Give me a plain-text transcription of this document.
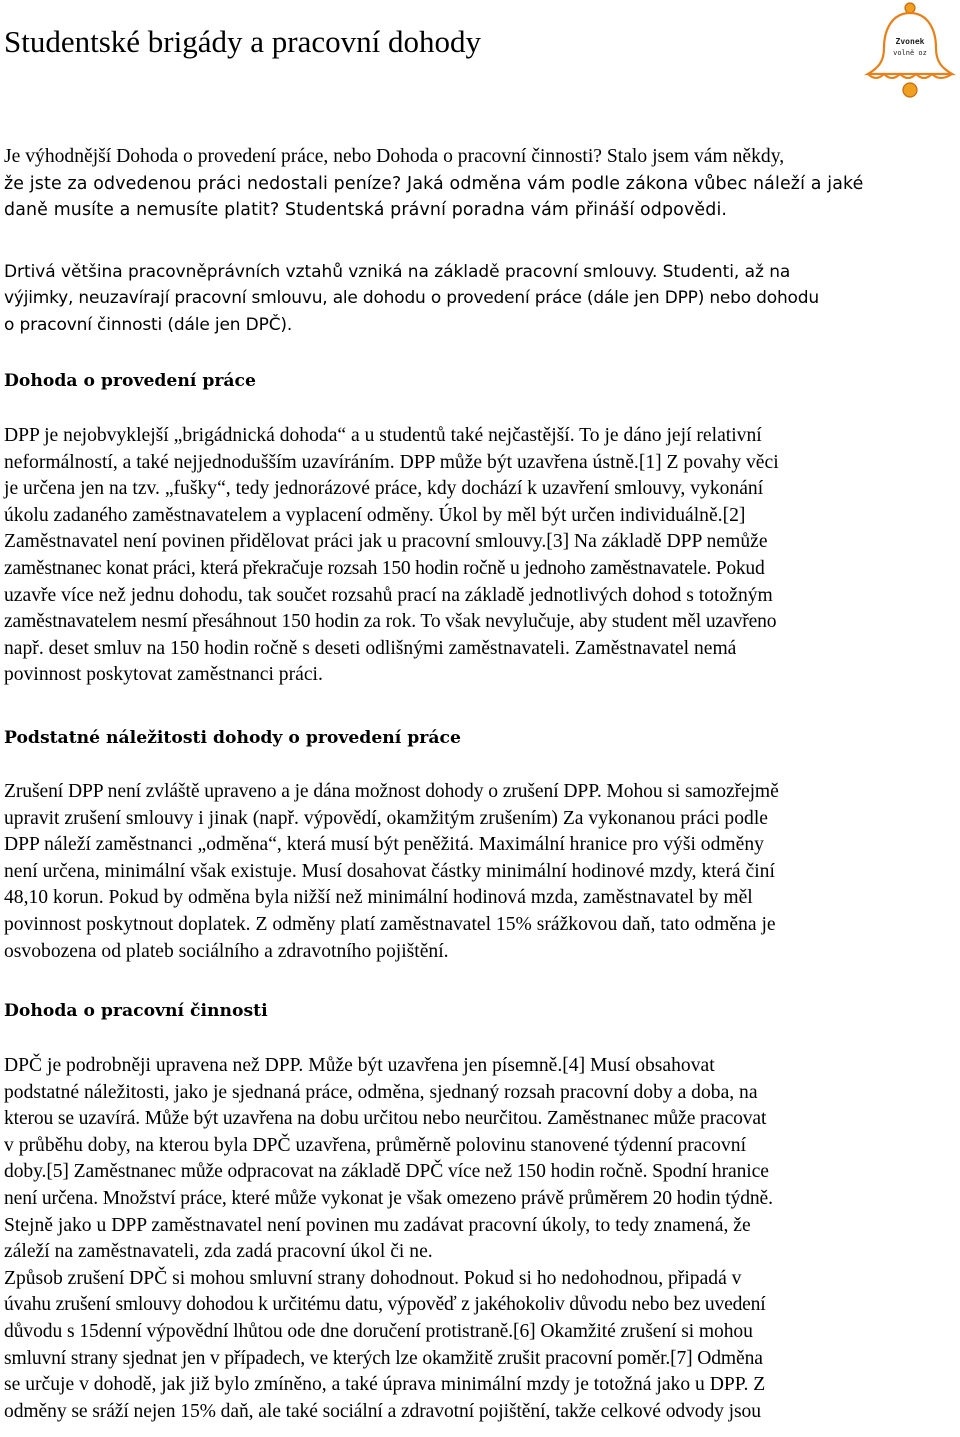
Studentské brigády a pracovní dohody	Zvonek
volně oz
Je výhodnější Dohoda o provedení práce, nebo Dohoda o pracovní činnosti? Stalo jsem vám někdy,
že jste za odvedenou práci nedostali peníze? Jaká odměna vám podle zákona vůbec náleží a jaké
daně musíte a nemusíte platit? Studentská právní poradna vám přináší odpovědi.
Drtivá většina pracovněprávních vztahů vzniká na základě pracovní smlouvy. Studenti, až na
výjimky, neuzavírají pracovní smlouvu, ale dohodu o provedení práce (dále jen DPP) nebo dohodu
o pracovní činnosti (dále jen DPČ).
Dohoda o provedení práce
DPP je nejobvyklejší „brigádnická dohoda“ a u studentů také nejčastější. To je dáno její relativní
neformálností, a také nejjednodušším uzavíráním. DPP může být uzavřena ústně.[1] Z povahy věci
je určena jen na tzv. „fušky“, tedy jednorázové práce, kdy dochází k uzavření smlouvy, vykonání
úkolu zadaného zaměstnavatelem a vyplacení odměny. Úkol by měl být určen individuálně.[2]
Zaměstnavatel není povinen přidělovat práci jak u pracovní smlouvy.[3] Na základě DPP nemůže
zaměstnanec konat práci, která překračuje rozsah 150 hodin ročně u jednoho zaměstnavatele. Pokud
uzavře více než jednu dohodu, tak součet rozsahů prací na základě jednotlivých dohod s totožným
zaměstnavatelem nesmí přesáhnout 150 hodin za rok. To však nevylučuje, aby student měl uzavřeno
např. deset smluv na 150 hodin ročně s deseti odlišnými zaměstnavateli. Zaměstnavatel nemá
povinnost poskytovat zaměstnanci práci.
Podstatné náležitosti dohody o provedení práce
Zrušení DPP není zvláště upraveno a je dána možnost dohody o zrušení DPP. Mohou si samozřejmě
upravit zrušení smlouvy i jinak (např. výpovědí, okamžitým zrušením) Za vykonanou práci podle
DPP náleží zaměstnanci „odměna“, která musí být peněžitá. Maximální hranice pro výši odměny
není určena, minimální však existuje. Musí dosahovat částky minimální hodinové mzdy, která činí
48,10 korun. Pokud by odměna byla nižší než minimální hodinová mzda, zaměstnavatel by měl
povinnost poskytnout doplatek. Z odměny platí zaměstnavatel 15% srážkovou daň, tato odměna je
osvobozena od plateb sociálního a zdravotního pojištění.
Dohoda o pracovní činnosti
DPČ je podrobněji upravena než DPP. Může být uzavřena jen písemně.[4] Musí obsahovat
podstatné náležitosti, jako je sjednaná práce, odměna, sjednaný rozsah pracovní doby a doba, na
kterou se uzavírá. Může být uzavřena na dobu určitou nebo neurčitou. Zaměstnanec může pracovat
v průběhu doby, na kterou byla DPČ uzavřena, průměrně polovinu stanovené týdenní pracovní
doby.[5] Zaměstnanec může odpracovat na základě DPČ více než 150 hodin ročně. Spodní hranice
není určena. Množství práce, které může vykonat je však omezeno právě průměrem 20 hodin týdně.
Stejně jako u DPP zaměstnavatel není povinen mu zadávat pracovní úkoly, to tedy znamená, že
záleží na zaměstnavateli, zda zadá pracovní úkol či ne.
Způsob zrušení DPČ si mohou smluvní strany dohodnout. Pokud si ho nedohodnou, připadá v
úvahu zrušení smlouvy dohodou k určitému datu, výpověď z jakéhokoliv důvodu nebo bez uvedení
důvodu s 15denní výpovědní lhůtou ode dne doručení protistraně.[6] Okamžité zrušení si mohou
smluvní strany sjednat jen v případech, ve kterých lze okamžitě zrušit pracovní poměr.[7] Odměna
se určuje v dohodě, jak již bylo zmíněno, a také úprava minimální mzdy je totožná jako u DPP. Z
odměny se sráží nejen 15% daň, ale také sociální a zdravotní pojištění, takže celkové odvody jsou
